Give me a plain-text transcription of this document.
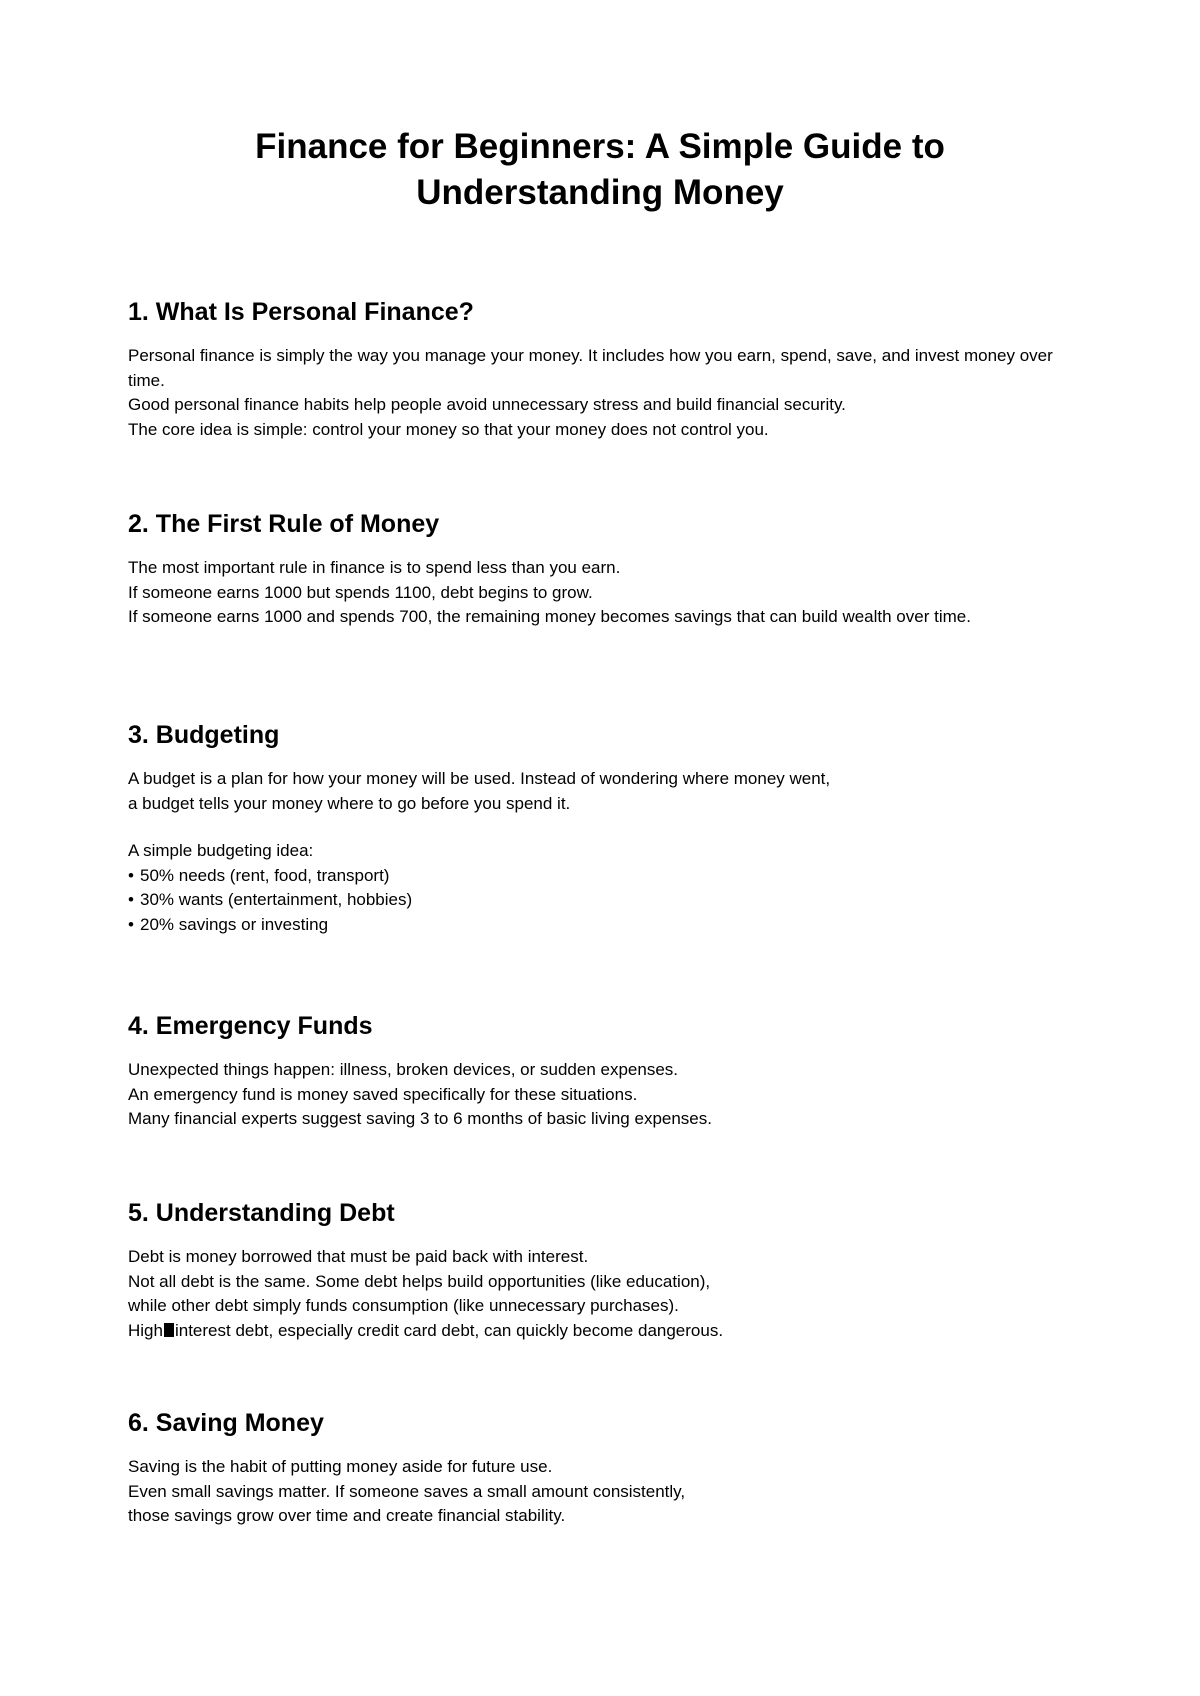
Finance for Beginners: A Simple Guide to Understanding Money
1. What Is Personal Finance?
Personal finance is simply the way you manage your money. It includes how you earn, spend, save, and invest money over time.
Good personal finance habits help people avoid unnecessary stress and build financial security.
The core idea is simple: control your money so that your money does not control you.
2. The First Rule of Money
The most important rule in finance is to spend less than you earn.
If someone earns 1000 but spends 1100, debt begins to grow.
If someone earns 1000 and spends 700, the remaining money becomes savings that can build wealth over time.
3. Budgeting
A budget is a plan for how your money will be used. Instead of wondering where money went,
a budget tells your money where to go before you spend it.
A simple budgeting idea:
• 50% needs (rent, food, transport)
• 30% wants (entertainment, hobbies)
• 20% savings or investing
4. Emergency Funds
Unexpected things happen: illness, broken devices, or sudden expenses.
An emergency fund is money saved specifically for these situations.
Many financial experts suggest saving 3 to 6 months of basic living expenses.
5. Understanding Debt
Debt is money borrowed that must be paid back with interest.
Not all debt is the same. Some debt helps build opportunities (like education),
while other debt simply funds consumption (like unnecessary purchases).
High interest debt, especially credit card debt, can quickly become dangerous.
6. Saving Money
Saving is the habit of putting money aside for future use.
Even small savings matter. If someone saves a small amount consistently,
those savings grow over time and create financial stability.
